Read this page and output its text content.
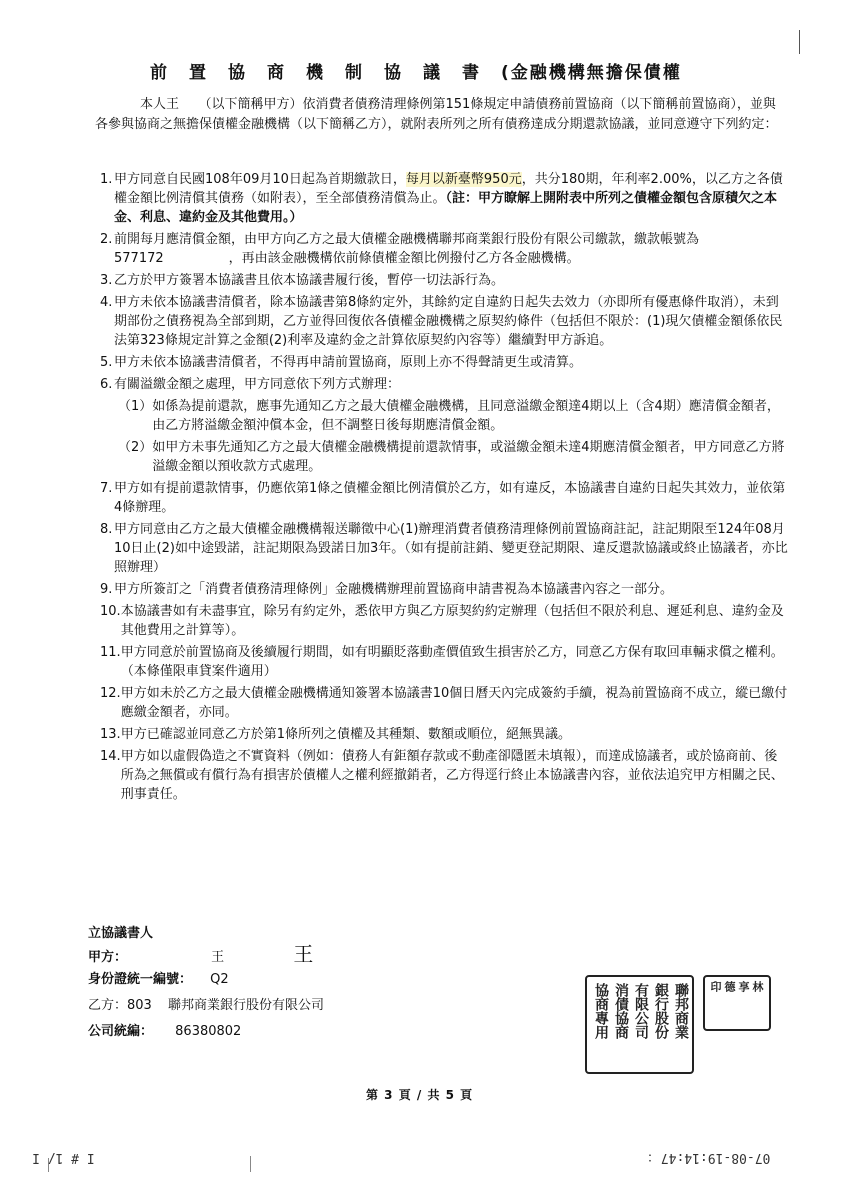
前置協商機制協議書(金融機構無擔保債權
本人王　　（以下簡稱甲方）依消費者債務清理條例第151條規定申請債務前置協商（以下簡稱前置協商），並與各參與協商之無擔保債權金融機構（以下簡稱乙方），就附表所列之所有債務達成分期還款協議，並同意遵守下列約定：
1. 甲方同意自民國108年09月10日起為首期繳款日，每月以新臺幣950元，共分180期，年利率2.00%，以乙方之各債權金額比例清償其債務（如附表），至全部債務清償為止。（註：甲方瞭解上開附表中所列之債權金額包含原積欠之本金、利息、違約金及其他費用。）
2. 前開每月應清償金額，由甲方向乙方之最大債權金融機構聯邦商業銀行股份有限公司繳款，繳款帳號為577172　　　　　，再由該金融機構依前條債權金額比例撥付乙方各金融機構。
3. 乙方於甲方簽署本協議書且依本協議書履行後，暫停一切法訴行為。
4. 甲方未依本協議書清償者，除本協議書第8條約定外，其餘約定自違約日起失去效力（亦即所有優惠條件取消），未到期部份之債務視為全部到期，乙方並得回復依各債權金融機構之原契約條件（包括但不限於：(1)現欠債權金額係依民法第323條規定計算之金額(2)利率及違約金之計算依原契約內容等）繼續對甲方訴追。
5. 甲方未依本協議書清償者，不得再申請前置協商，原則上亦不得聲請更生或清算。
6. 有關溢繳金額之處理，甲方同意依下列方式辦理：
（1） 如係為提前還款，應事先通知乙方之最大債權金融機構，且同意溢繳金額達4期以上（含4期）應清償金額者，由乙方將溢繳金額沖償本金，但不調整日後每期應清償金額。
（2） 如甲方未事先通知乙方之最大債權金融機構提前還款情事，或溢繳金額未達4期應清償金額者，甲方同意乙方將溢繳金額以預收款方式處理。
7. 甲方如有提前還款情事，仍應依第1條之債權金額比例清償於乙方，如有違反，本協議書自違約日起失其效力，並依第4條辦理。
8. 甲方同意由乙方之最大債權金融機構報送聯徵中心(1)辦理消費者債務清理條例前置協商註記，註記期限至124年08月10日止(2)如中途毀諾，註記期限為毀諾日加3年。（如有提前註銷、變更登記期限、違反還款協議或終止協議者，亦比照辦理）
9. 甲方所簽訂之「消費者債務清理條例」金融機構辦理前置協商申請書視為本協議書內容之一部分。
10. 本協議書如有未盡事宜，除另有約定外，悉依甲方與乙方原契約約定辦理（包括但不限於利息、遲延利息、違約金及其他費用之計算等）。
11. 甲方同意於前置協商及後續履行期間，如有明顯貶落動產價值致生損害於乙方，同意乙方保有取回車輛求償之權利。（本條僅限車貸案件適用）
12. 甲方如未於乙方之最大債權金融機構通知簽署本協議書10個日曆天內完成簽約手續，視為前置協商不成立，縱已繳付應繳金額者，亦同。
13. 甲方已確認並同意乙方於第1條所列之債權及其種類、數額或順位，絕無異議。
14. 甲方如以虛假偽造之不實資料（例如：債務人有鉅額存款或不動產卻隱匿未填報），而達成協議者，或於協商前、後所為之無償或有償行為有損害於債權人之權利經撤銷者，乙方得逕行終止本協議書內容，並依法追究甲方相關之民、刑事責任。
立協議書人
甲方：	王	王
身份證統一編號： Q2
乙方：803 聯邦商業銀行股份有限公司
公司統編： 86380802	聯邦商業
銀行股份
有限公司
消債協商
協商專用	林
享
德
印
第 3 頁 / 共 5 頁
I # 1/ I	07-08-19:14:47 ：
